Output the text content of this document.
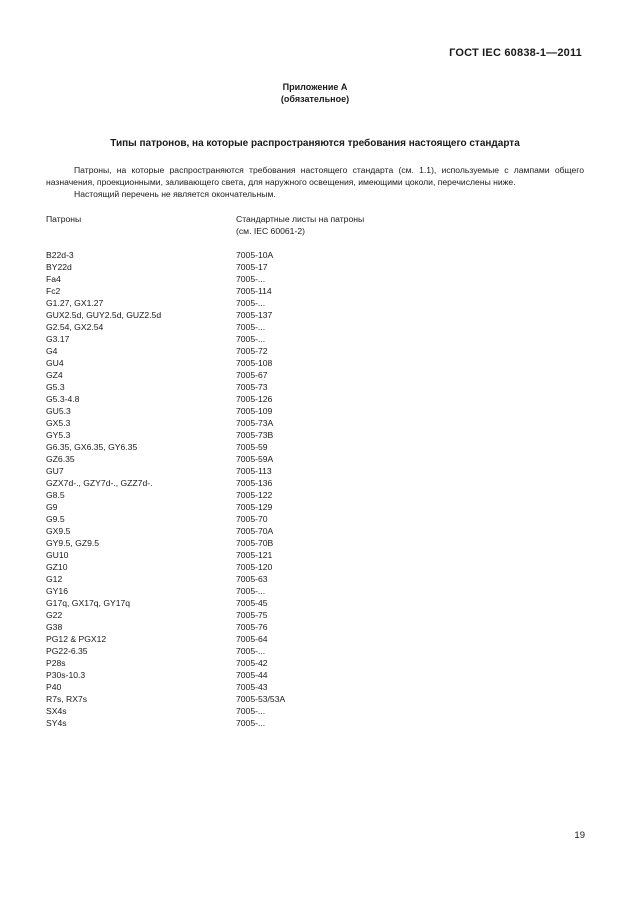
ГОСТ IEC 60838-1—2011
Приложение А
(обязательное)
Типы патронов, на которые распространяются требования настоящего стандарта

Патроны, на которые распространяются требования настоящего стандарта (см. 1.1), используемые с лампами общего назначения, проекционными, заливающего света, для наружного освещения, имеющими цоколи, перечислены ниже.

Настоящий перечень не является окончательным.

Патроны	Стандартные листы на патроны
(см. IEC 60061-2)
B22d-3	7005-10A
BY22d	7005-17
Fa4	7005-...
Fc2	7005-114
G1.27, GX1.27	7005-...
GUX2.5d, GUY2.5d, GUZ2.5d	7005-137
G2.54, GX2.54	7005-...
G3.17	7005-...
G4	7005-72
GU4	7005-108
GZ4	7005-67
G5.3	7005-73
G5.3-4.8	7005-126
GU5.3	7005-109
GX5.3	7005-73A
GY5.3	7005-73B
G6.35, GX6.35, GY6.35	7005-59
GZ6.35	7005-59A
GU7	7005-113
GZX7d-., GZY7d-., GZZ7d-.	7005-136
G8.5	7005-122
G9	7005-129
G9.5	7005-70
GX9.5	7005-70A
GY9.5, GZ9.5	7005-70B
GU10	7005-121
GZ10	7005-120
G12	7005-63
GY16	7005-...
G17q, GX17q, GY17q	7005-45
G22	7005-75
G38	7005-76
PG12 & PGX12	7005-64
PG22-6.35	7005-...
P28s	7005-42
P30s-10.3	7005-44
P40	7005-43
R7s, RX7s	7005-53/53A
SX4s	7005-...
SY4s	7005-...
19
